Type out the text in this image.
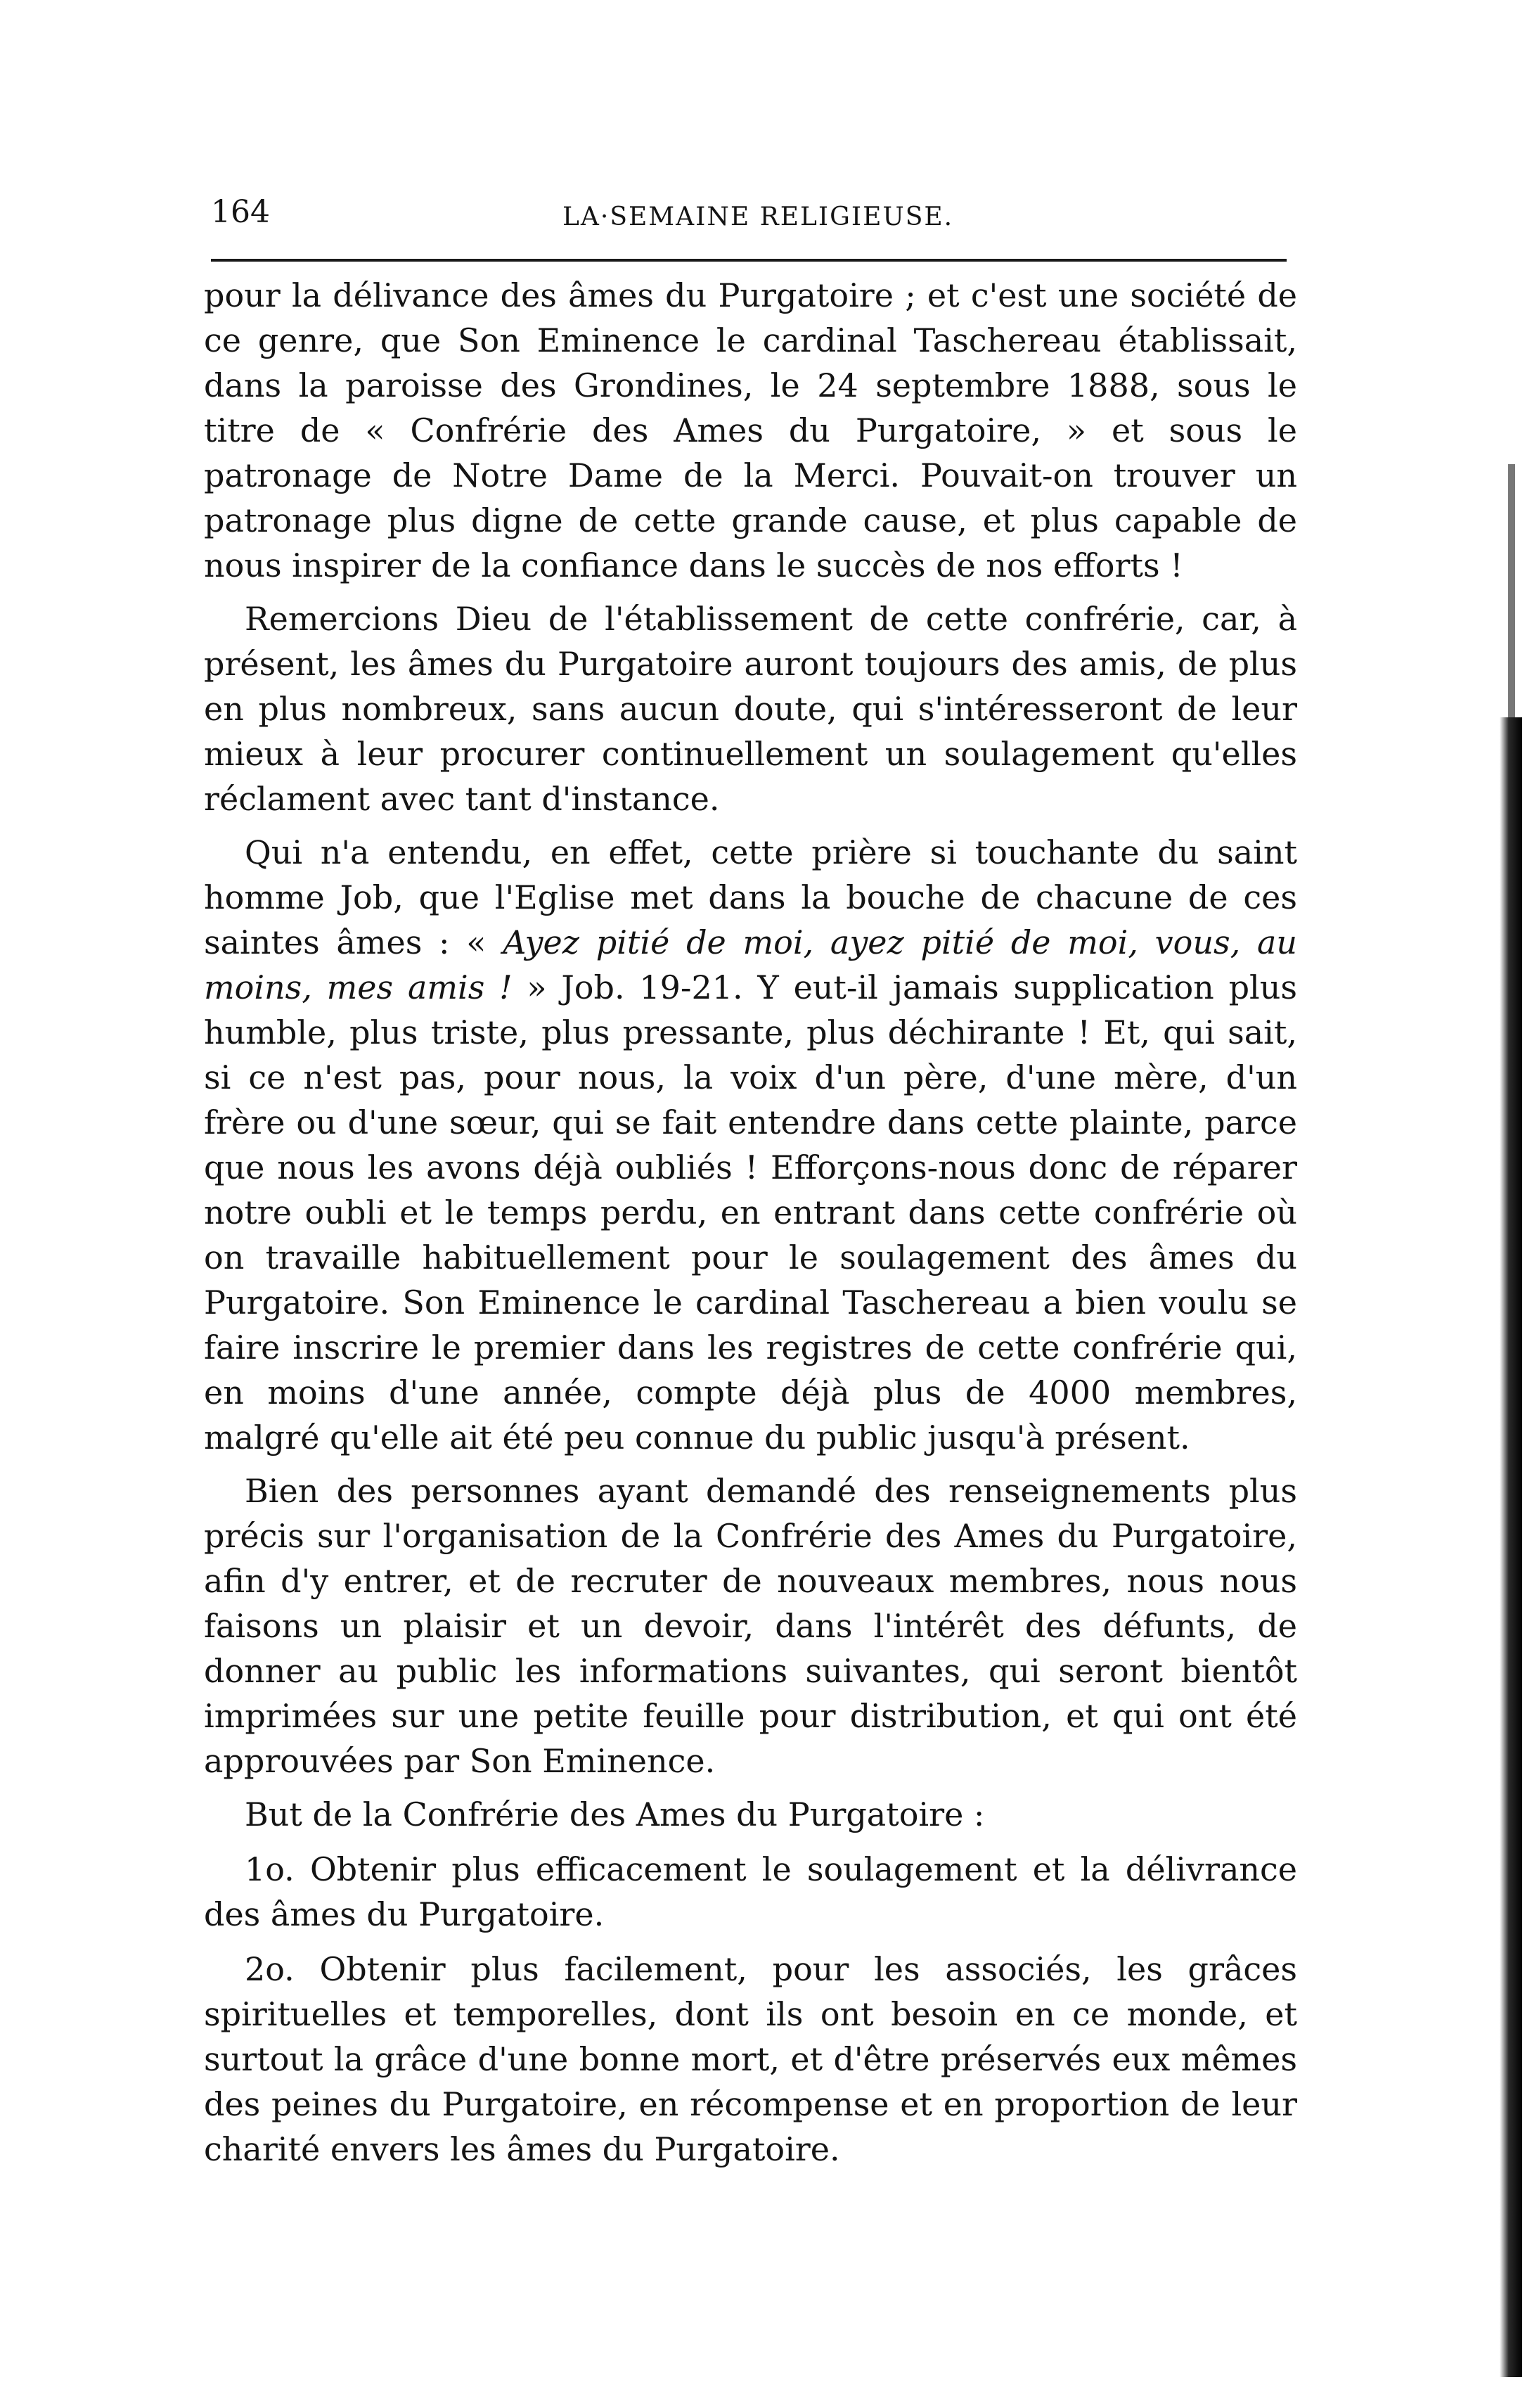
164	LA·SEMAINE RELIGIEUSE.

pour la délivance des âmes du Purgatoire ; et c'est une société de ce genre, que Son Eminence le cardinal Taschereau établissait, dans la paroisse des Grondines, le 24 septembre 1888, sous le titre de « Confrérie des Ames du Purgatoire, » et sous le patronage de Notre Dame de la Merci. Pouvait-on trouver un patronage plus digne de cette grande cause, et plus capable de nous inspirer de la confiance dans le succès de nos efforts !

Remercions Dieu de l'établissement de cette confrérie, car, à présent, les âmes du Purgatoire auront toujours des amis, de plus en plus nombreux, sans aucun doute, qui s'intéresseront de leur mieux à leur procurer continuellement un soulagement qu'elles réclament avec tant d'instance.

Qui n'a entendu, en effet, cette prière si touchante du saint homme Job, que l'Eglise met dans la bouche de chacune de ces saintes âmes : « Ayez pitié de moi, ayez pitié de moi, vous, au moins, mes amis ! » Job. 19-21. Y eut-il jamais supplication plus humble, plus triste, plus pressante, plus déchirante ! Et, qui sait, si ce n'est pas, pour nous, la voix d'un père, d'une mère, d'un frère ou d'une sœur, qui se fait entendre dans cette plainte, parce que nous les avons déjà oubliés ! Efforçons-nous donc de réparer notre oubli et le temps perdu, en entrant dans cette confrérie où on travaille habituellement pour le soulagement des âmes du Purgatoire. Son Eminence le cardinal Taschereau a bien voulu se faire inscrire le premier dans les registres de cette confrérie qui, en moins d'une année, compte déjà plus de 4000 membres, malgré qu'elle ait été peu connue du public jusqu'à présent.

Bien des personnes ayant demandé des renseignements plus précis sur l'organisation de la Confrérie des Ames du Purgatoire, afin d'y entrer, et de recruter de nouveaux membres, nous nous faisons un plaisir et un devoir, dans l'intérêt des défunts, de donner au public les informations suivantes, qui seront bientôt imprimées sur une petite feuille pour distribution, et qui ont été approuvées par Son Eminence.

But de la Confrérie des Ames du Purgatoire :

1o. Obtenir plus efficacement le soulagement et la délivrance des âmes du Purgatoire.

2o. Obtenir plus facilement, pour les associés, les grâces spirituelles et temporelles, dont ils ont besoin en ce monde, et surtout la grâce d'une bonne mort, et d'être préservés eux mêmes des peines du Purgatoire, en récompense et en proportion de leur charité envers les âmes du Purgatoire.
